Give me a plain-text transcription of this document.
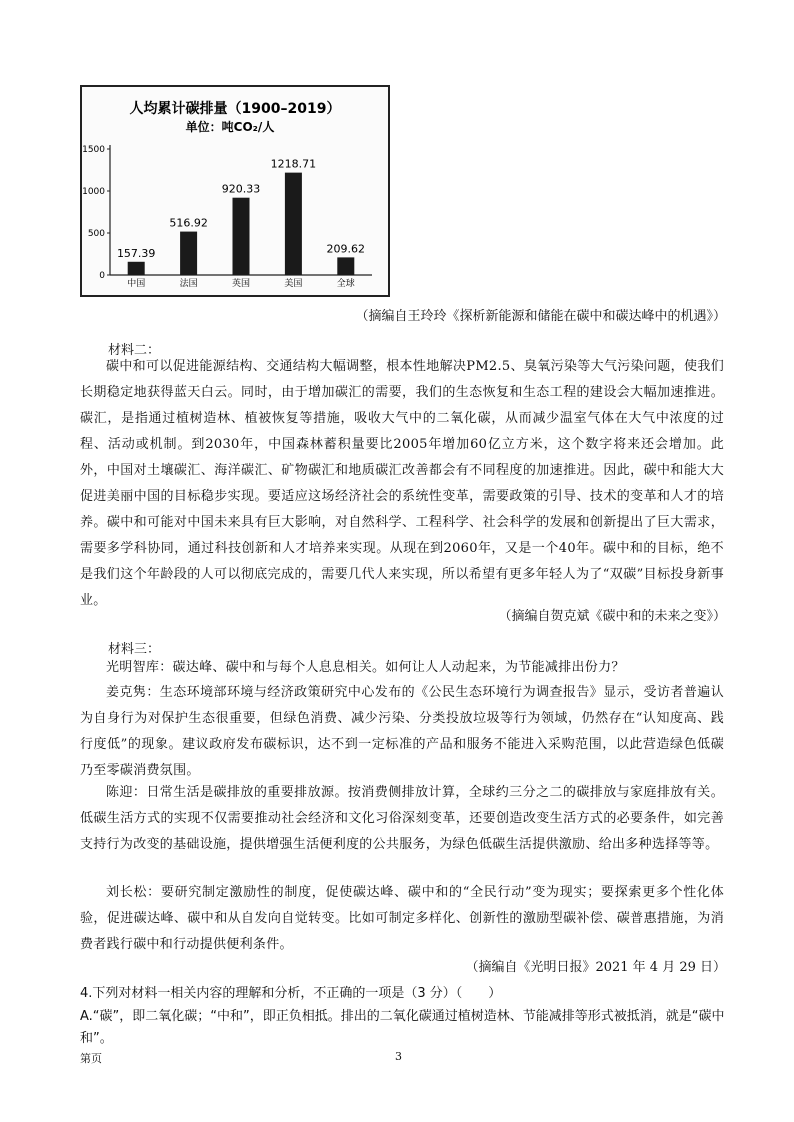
人均累计碳排量（1900–2019）
单位：吨CO₂/人
0
500
1000
1500
157.39
中国
516.92
法国
920.33
英国
1218.71
美国
209.62
全球
（摘编自王玲玲《探析新能源和储能在碳中和碳达峰中的机遇》）
材料二：

碳中和可以促进能源结构、交通结构大幅调整，根本性地解决PM2.5、臭氧污染等大气污染问题，使我们长期稳定地获得蓝天白云。同时，由于增加碳汇的需要，我们的生态恢复和生态工程的建设会大幅加速推进。碳汇，是指通过植树造林、植被恢复等措施，吸收大气中的二氧化碳，从而减少温室气体在大气中浓度的过程、活动或机制。到2030年，中国森林蓄积量要比2005年增加60亿立方米，这个数字将来还会增加。此外，中国对土壤碳汇、海洋碳汇、矿物碳汇和地质碳汇改善都会有不同程度的加速推进。因此，碳中和能大大促进美丽中国的目标稳步实现。要适应这场经济社会的系统性变革，需要政策的引导、技术的变革和人才的培养。碳中和可能对中国未来具有巨大影响，对自然科学、工程科学、社会科学的发展和创新提出了巨大需求，需要多学科协同，通过科技创新和人才培养来实现。从现在到2060年，又是一个40年。碳中和的目标，绝不是我们这个年龄段的人可以彻底完成的，需要几代人来实现，所以希望有更多年轻人为了“双碳”目标投身新事业。

（摘编自贺克斌《碳中和的未来之变》）
材料三：

光明智库：碳达峰、碳中和与每个人息息相关。如何让人人动起来，为节能减排出份力？

姜克隽：生态环境部环境与经济政策研究中心发布的《公民生态环境行为调查报告》显示，受访者普遍认为自身行为对保护生态很重要，但绿色消费、减少污染、分类投放垃圾等行为领域，仍然存在“认知度高、践行度低”的现象。建议政府发布碳标识，达不到一定标准的产品和服务不能进入采购范围，以此营造绿色低碳乃至零碳消费氛围。

陈迎：日常生活是碳排放的重要排放源。按消费侧排放计算，全球约三分之二的碳排放与家庭排放有关。低碳生活方式的实现不仅需要推动社会经济和文化习俗深刻变革，还要创造改变生活方式的必要条件，如完善支持行为改变的基础设施，提供增强生活便利度的公共服务，为绿色低碳生活提供激励、给出多种选择等等。

刘长松：要研究制定激励性的制度，促使碳达峰、碳中和的“全民行动”变为现实；要探索更多个性化体验，促进碳达峰、碳中和从自发向自觉转变。比如可制定多样化、创新性的激励型碳补偿、碳普惠措施，为消费者践行碳中和行动提供便利条件。

（摘编自《光明日报》2021 年 4 月 29 日）

4.下列对材料一相关内容的理解和分析，不正确的一项是（3 分）（　　）

A.“碳”，即二氧化碳；“中和”，即正负相抵。排出的二氧化碳通过植树造林、节能减排等形式被抵消，就是“碳中和”。

第页	3
